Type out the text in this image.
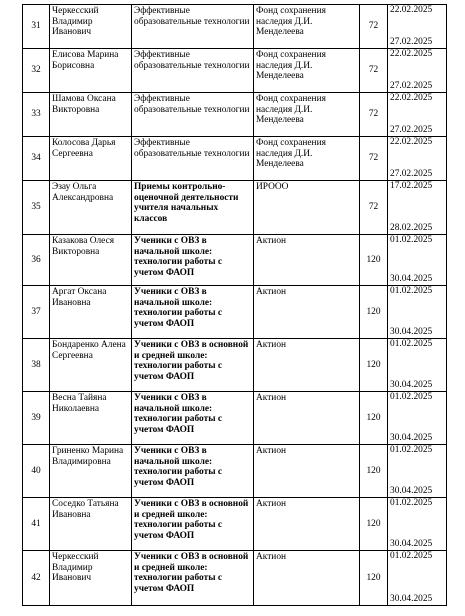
31	Черкесский Владимир Иванович	Эффективные образовательные технологии	Фонд сохранения наследия Д.И. Менделеева	72	22.02.2025
27.02.2025

32	Елисова Марина Борисовна	Эффективные образовательные технологии	Фонд сохранения наследия Д.И. Менделеева	72	22.02.2025
27.02.2025

33	Шамова Оксана Викторовна	Эффективные образовательные технологии	Фонд сохранения наследия Д.И. Менделеева	72	22.02.2025
27.02.2025

34	Колосова Дарья Сергеевна	Эффективные образовательные технологии	Фонд сохранения наследия Д.И. Менделеева	72	22.02.2025
27.02.2025

35	Эзау Ольга Александровна	Приемы контрольно-оценочной деятельности учителя начальных классов	ИРООО	72	17.02.2025
28.02.2025

36	Казакова Олеся Викторовна	Ученики с ОВЗ в начальной школе: технологии работы с учетом ФАОП	Актион	120	01.02.2025
30.04.2025

37	Аргат Оксана Ивановна	Ученики с ОВЗ в начальной школе: технологии работы с учетом ФАОП	Актион	120	01.02.2025
30.04.2025

38	Бондаренко Алена Сергеевна	Ученики с ОВЗ в основной и средней школе: технологии работы с учетом ФАОП	Актион	120	01.02.2025
30.04.2025

39	Весна Тайяна Николаевна	Ученики с ОВЗ в начальной школе: технологии работы с учетом ФАОП	Актион	120	01.02.2025
30.04.2025

40	Гриненко Марина Владимировна	Ученики с ОВЗ в начальной школе: технологии работы с учетом ФАОП	Актион	120	01.02.2025
30.04.2025

41	Соседко Татьяна Ивановна	Ученики с ОВЗ в основной и средней школе: технологии работы с учетом ФАОП	Актион	120	01.02.2025
30.04.2025

42	Черкесский Владимир Иванович	Ученики с ОВЗ в основной и средней школе: технологии работы с учетом ФАОП	Актион	120	01.02.2025
30.04.2025
